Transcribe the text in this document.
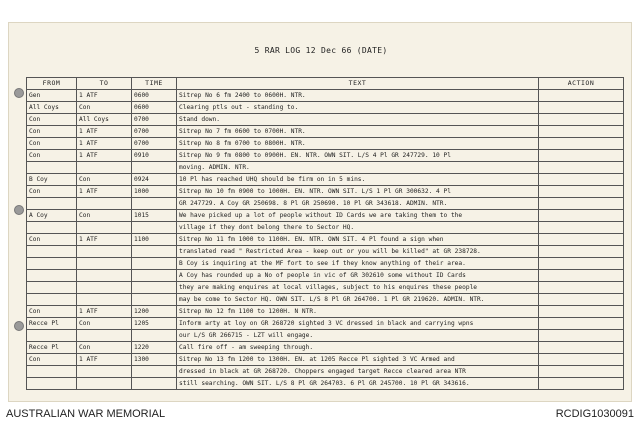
5 RAR LOG 12 Dec 66 (DATE)
FROM	TO	TIME	TEXT	ACTION
Gen	1 ATF	0600	Sitrep No 6 fm 2400 to 0600H. NTR.	
All Coys	Con	0600	Clearing ptls out - standing to.	
Con	All Coys	0700	Stand down.	
Con	1 ATF	0700	Sitrep No 7 fm 0600 to 0700H. NTR.	
Con	1 ATF	0700	Sitrep No 8 fm 0700 to 0800H. NTR.	
Con	1 ATF	0910	Sitrep No 9 fm 0800 to 0900H. EN. NTR. OWN SIT. L/S 4 Pl GR 247729. 10 Pl	
			moving. ADMIN. NTR.	
B Coy	Con	0924	10 Pl has reached UHQ should be firm on in 5 mins.	
Con	1 ATF	1000	Sitrep No 10 fm 0900 to 1000H. EN. NTR. OWN SIT. L/S 1 Pl GR 300632. 4 Pl	
			GR 247729. A Coy GR 250698. 8 Pl GR 250690. 10 Pl GR 343618. ADMIN. NTR.	
A Coy	Con	1015	We have picked up a lot of people without ID Cards we are taking them to the	
			village if they dont belong there to Sector HQ.	
Con	1 ATF	1100	Sitrep No 11 fm 1000 to 1100H. EN. NTR. OWN SIT. 4 Pl found a sign when	
			translated read " Restricted Area - keep out or you will be killed" at GR 238728.	
			B Coy is inquiring at the MF fort to see if they know anything of their area.	
			A Coy has rounded up a No of people in vic of GR 302610 some without ID Cards	
			they are making enquires at local villages, subject to his enquires these people	
			may be come to Sector HQ. OWN SIT. L/S 8 Pl GR 264700. 1 Pl GR 219620. ADMIN. NTR.	
Con	1 ATF	1200	Sitrep No 12 fm 1100 to 1200H. N NTR.	
Recce Pl	Con	1205	Inform arty at loy on GR 268720 sighted 3 VC dressed in black and carrying wpns	
			our L/S GR 266715 - LZT will engage.	
Recce Pl	Con	1220	Call fire off - am sweeping through.	
Con	1 ATF	1300	Sitrep No 13 fm 1200 to 1300H. EN. at 1205 Recce Pl sighted 3 VC Armed and	
			dressed in black at GR 268720. Choppers engaged target Recce cleared area NTR	
			still searching. OWN SIT. L/S 8 Pl GR 264703. 6 Pl GR 245700. 10 Pl GR 343616.	
AUSTRALIAN WAR MEMORIAL	RCDIG1030091
